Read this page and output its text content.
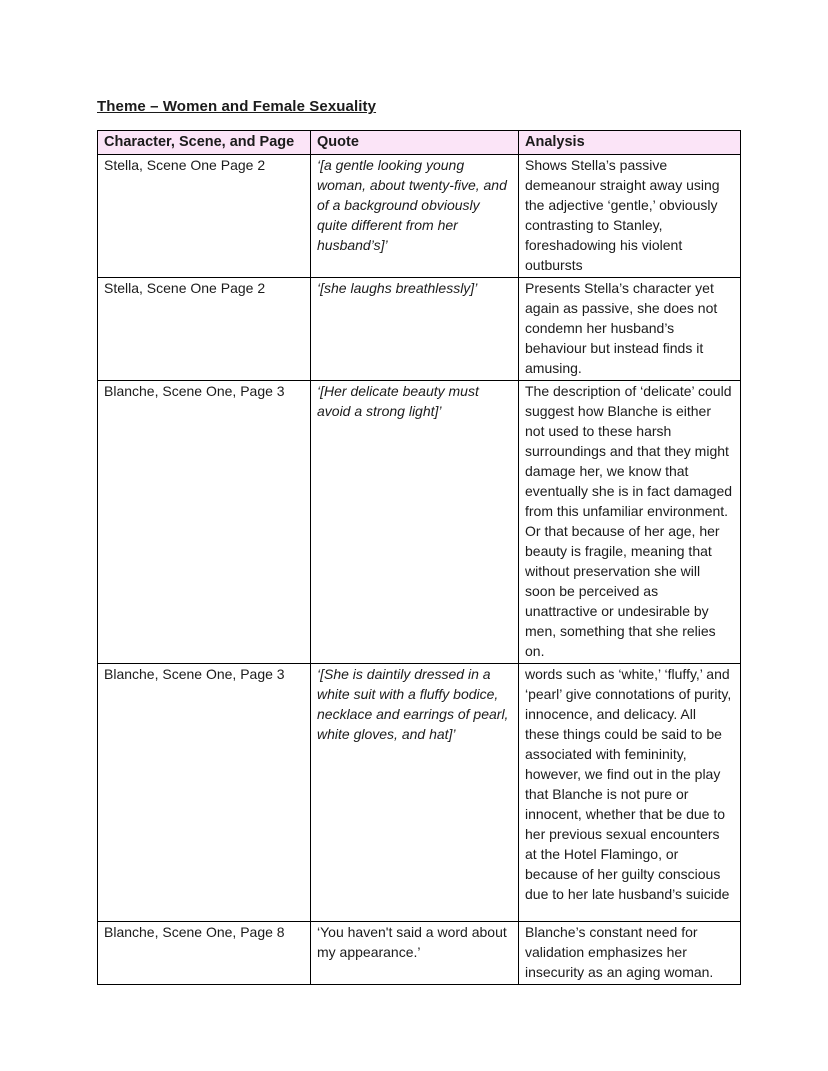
Theme – Women and Female Sexuality
Character, Scene, and Page	Quote	Analysis
Stella, Scene One Page 2	‘[a gentle looking young woman, about twenty-five, and of a background obviously quite different from her husband’s]’	Shows Stella’s passive demeanour straight away using the adjective ‘gentle,’ obviously contrasting to Stanley, foreshadowing his violent outbursts
Stella, Scene One Page 2	‘[she laughs breathlessly]’	Presents Stella’s character yet again as passive, she does not condemn her husband’s behaviour but instead finds it amusing.
Blanche, Scene One, Page 3	‘[Her delicate beauty must avoid a strong light]’	The description of ‘delicate’ could suggest how Blanche is either not used to these harsh surroundings and that they might damage her, we know that eventually she is in fact damaged from this unfamiliar environment. Or that because of her age, her beauty is fragile, meaning that without preservation she will soon be perceived as unattractive or undesirable by men, something that she relies on.
Blanche, Scene One, Page 3	‘[She is daintily dressed in a white suit with a fluffy bodice, necklace and earrings of pearl, white gloves, and hat]’	words such as ‘white,’ ‘fluffy,’ and ‘pearl’ give connotations of purity, innocence, and delicacy. All these things could be said to be associated with femininity, however, we find out in the play that Blanche is not pure or innocent, whether that be due to her previous sexual encounters at the Hotel Flamingo, or because of her guilty conscious due to her late husband’s suicide
Blanche, Scene One, Page 8	‘You haven't said a word about my appearance.’	Blanche’s constant need for validation emphasizes her insecurity as an aging woman.
